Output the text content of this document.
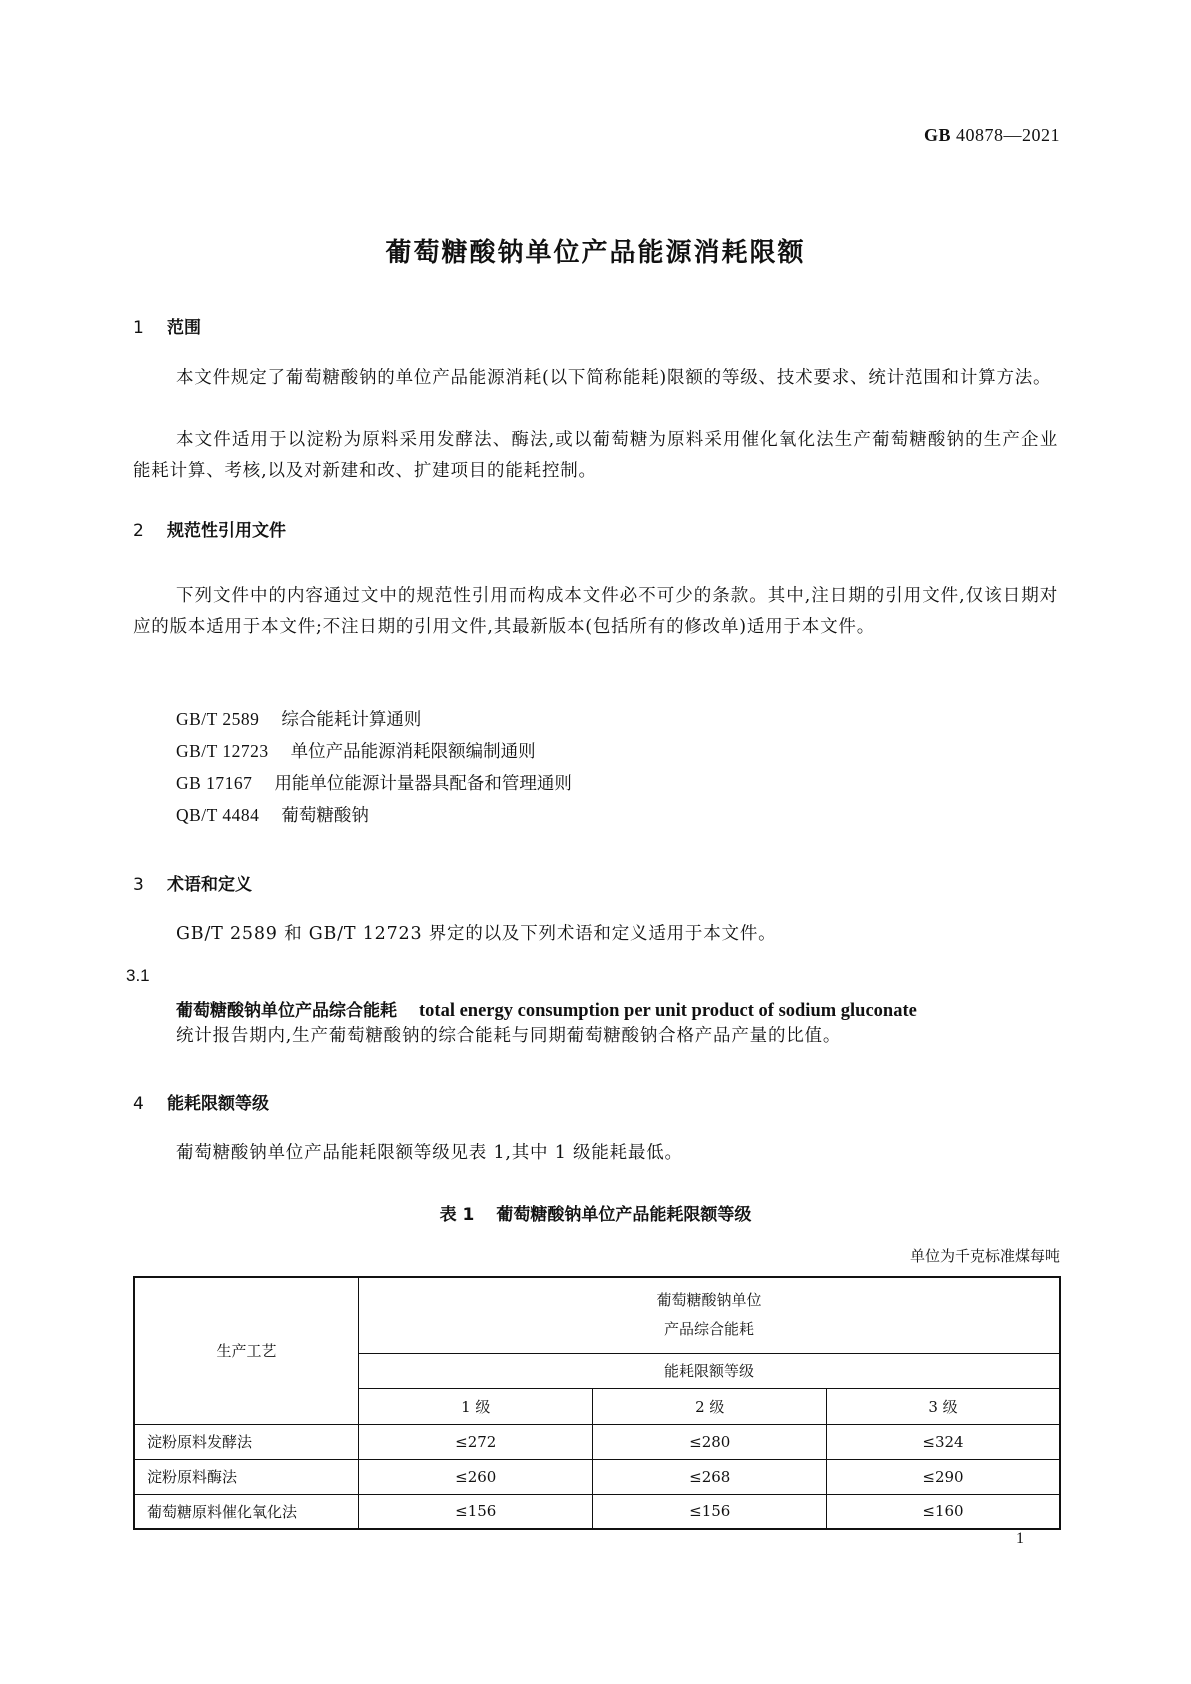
GB 40878—2021
葡萄糖酸钠单位产品能源消耗限额
1 范围
本文件规定了葡萄糖酸钠的单位产品能源消耗(以下简称能耗)限额的等级、技术要求、统计范围和计算方法。
本文件适用于以淀粉为原料采用发酵法、酶法,或以葡萄糖为原料采用催化氧化法生产葡萄糖酸钠的生产企业能耗计算、考核,以及对新建和改、扩建项目的能耗控制。
2 规范性引用文件
下列文件中的内容通过文中的规范性引用而构成本文件必不可少的条款。其中,注日期的引用文件,仅该日期对应的版本适用于本文件;不注日期的引用文件,其最新版本(包括所有的修改单)适用于本文件。
GB/T 2589 综合能耗计算通则
GB/T 12723 单位产品能源消耗限额编制通则
GB 17167 用能单位能源计量器具配备和管理通则
QB/T 4484 葡萄糖酸钠
3 术语和定义
GB/T 2589 和 GB/T 12723 界定的以及下列术语和定义适用于本文件。
3.1
葡萄糖酸钠单位产品综合能耗 total energy consumption per unit product of sodium gluconate
统计报告期内,生产葡萄糖酸钠的综合能耗与同期葡萄糖酸钠合格产品产量的比值。
4 能耗限额等级
葡萄糖酸钠单位产品能耗限额等级见表 1,其中 1 级能耗最低。
表 1 葡萄糖酸钠单位产品能耗限额等级
单位为千克标准煤每吨
生产工艺	葡萄糖酸钠单位
产品综合能耗		

	能耗限额等级		
	1 级	2 级	3 级
淀粉原料发酵法	≤272	≤280	≤324
淀粉原料酶法	≤260	≤268	≤290
葡萄糖原料催化氧化法	≤156	≤156	≤160
1
